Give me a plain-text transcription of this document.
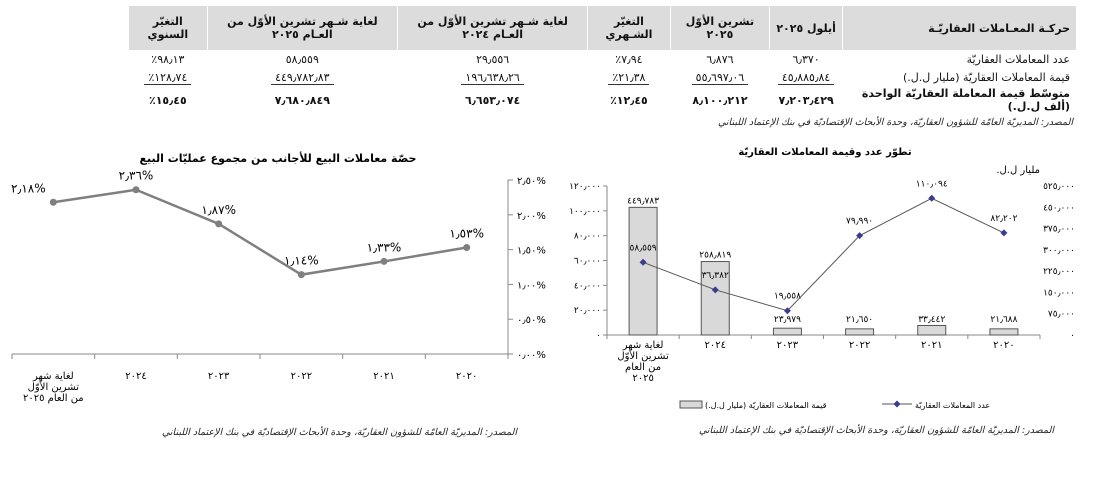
حركـة المعـاملات العقاريّـة	أيلول ٢٠٢٥	تشرين الأوّل ٢٠٢٥	التغيّر الشـهري	لغاية شـهر تشرين الأوّل من العـام ٢٠٢٤	لغاية شـهر تشرين الأوّل من العـام ٢٠٢٥	التغيّر السنوي
عدد المعاملات العقاريّة	٦٫٣٧٠	٦٫٨٧٦	٧٫٩٤٪	٢٩٫٥٥٦	٥٨٫٥٥٩	٩٨٫١٣٪
قيمة المعاملات العقاريّة (مليار ل.ل.)	٤٥٫٨٨٥٫٨٤	٥٥٫٦٩٧٫٠٦	٢١٫٣٨٪	١٩٦٫٦٣٨٫٢٦	٤٤٩٫٧٨٢٫٨٣	١٢٨٫٧٤٪
متوسّط قيمة المعاملة العقاريّة الواحدة (ألف ل.ل.)	٧٫٢٠٣٫٤٢٩	٨٫١٠٠٫٢١٢	١٢٫٤٥٪	٦٫٦٥٣٫٠٧٤	٧٫٦٨٠٫٨٤٩	١٥٫٤٥٪
المصدر: المديريّة العامّة للشؤون العقاريّة، وحدة الأبحاث الإقتصاديّة في بنك الإعتماد اللبناني
حصّة معاملات البيع للأجانب من مجموع عمليّات البيع
٠٫٠٠%
٠٫٥٠%
١٫٠٠%
١٫٥٠%
٢٫٠٠%
٢٫٥٠%
٢٫١٨%
٢٫٣٦%
١٫٨٧%
١٫١٤%
١٫٣٣%
١٫٥٣%
لغاية شهر تشرين الأوّل من العام ٢٠٢٥
٢٠٢٤	٢٠٢٣	٢٠٢٢	٢٠٢١	٢٠٢٠
المصدر: المديريّة العامّة للشؤون العقاريّة، وحدة الأبحاث الإقتصاديّة في بنك الإعتماد اللبناني
تطوّر عدد وقيمة المعاملات العقاريّة
مليار ل.ل.
٠
٢٠٫٠٠٠
٤٠٫٠٠٠
٦٠٫٠٠٠
٨٠٫٠٠٠
١٠٠٫٠٠٠
١٢٠٫٠٠٠
٠
٧٥٫٠٠٠
١٥٠٫٠٠٠
٢٢٥٫٠٠٠
٣٠٠٫٠٠٠
٣٧٥٫٠٠٠
٤٥٠٫٠٠٠
٥٢٥٫٠٠٠
٤٤٩٫٧٨٣
٢٥٨٫٨١٩
٢٣٫٩٧٩	٢١٫٦٥٠	٣٣٫٤٤٢	٢١٫٦٨٨
٥٨٫٥٥٩
٣٦٫٣٨٢
١٩٫٥٥٨
٧٩٫٩٩٠
١١٠٫٠٩٤
٨٢٫٢٠٢
لغاية شهر تشرين الأوّل من العام ٢٠٢٥
٢٠٢٤	٢٠٢٣	٢٠٢٢	٢٠٢١	٢٠٢٠
قيمة المعاملات العقاريّة (مليار ل.ل.)	عدد المعاملات العقاريّة
المصدر: المديريّة العامّة للشؤون العقاريّة، وحدة الأبحاث الإقتصاديّة في بنك الإعتماد اللبناني
